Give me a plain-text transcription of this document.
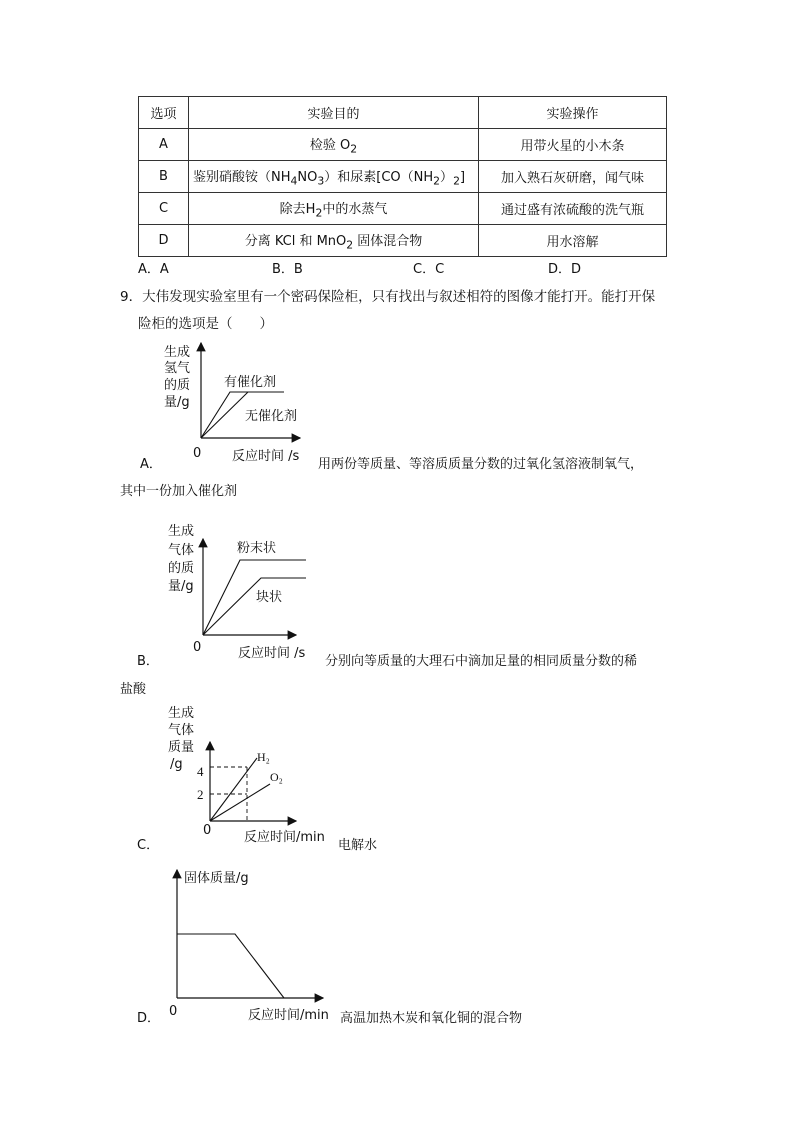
选项	实验目的	实验操作
A	检验 $O_2$	用带火星的小木条
B	鉴别硝酸铵$(NH_4NO_3)$和尿素$[CO(NH_2)_2]$	加入熟石灰研磨，闻气味
C	除去$H_2$中的水蒸气	通过盛有浓硫酸的洗气瓶
D	分离 KCl 和 MnO$_2$ 固体混合物	用水溶解
A．A	B．B	C．C	D．D
9．大伟发现实验室里有一个密码保险柜，只有找出与叙述相符的图像才能打开。能打开保
险柜的选项是（　　）
生成
氢气
的质
量/g
有催化剂
无催化剂
0 反应时间 /s
A．	用两份等质量、等溶质质量分数的过氧化氢溶液制氧气，
其中一份加入催化剂
生成
气体
的质
量/g
粉末状
块状
0	反应时间 /s
B．	分别向等质量的大理石中滴加足量的相同质量分数的稀
盐酸
生成
气体
质量
/g 4
2
H₂
O₂
0	反应时间/min
C．	电解水
固体质量/g
0	反应时间/min
D．	高温加热木炭和氧化铜的混合物
